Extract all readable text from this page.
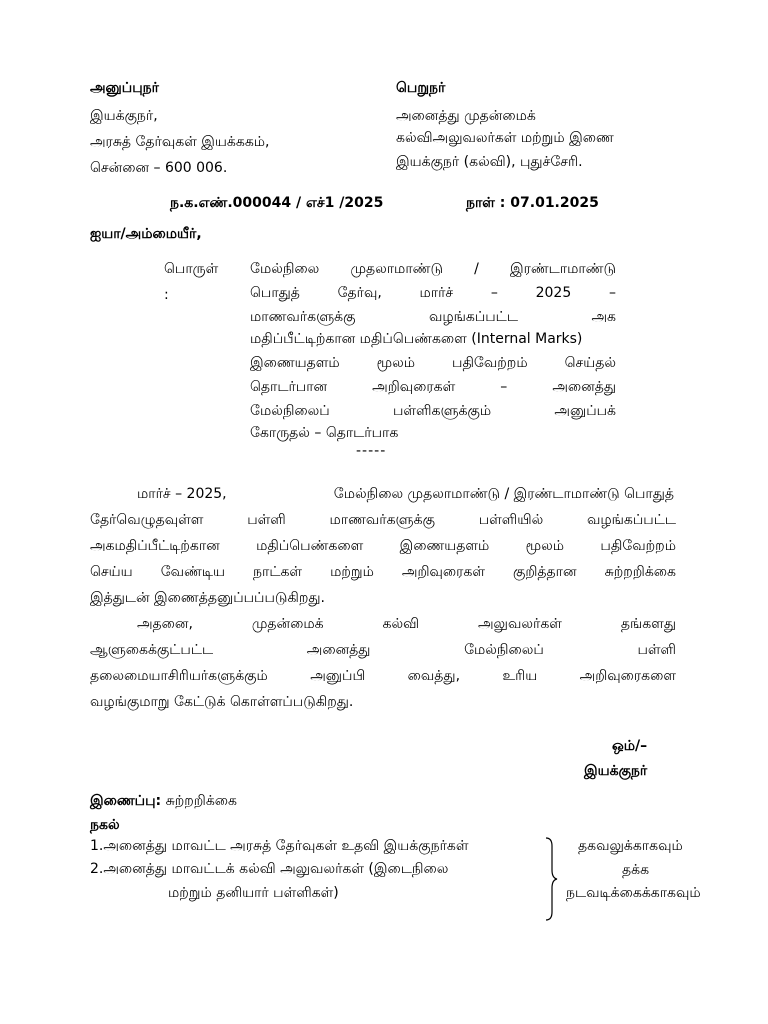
அனுப்புநர்
இயக்குநர்,
அரசுத் தேர்வுகள் இயக்ககம்,
சென்னை – 600 006.
பெறுநர்
அனைத்து முதன்மைக்
கல்விஅலுவலர்கள் மற்றும் இணை
இயக்குநர் (கல்வி), புதுச்சேரி.
ந.க.எண்.000044 / எச்1 /2025	நாள் : 07.01.2025
ஐயா/அம்மையீர்,
பொருள்
:
மேல்நிலை முதலாமாண்டு / இரண்டாமாண்டு
பொதுத்	தேர்வு,	மார்ச்	–	2025	–
மாணவர்களுக்கு	வழங்கப்பட்ட	அக
மதிப்பீட்டிற்கான மதிப்பெண்களை (Internal Marks)
இணையதளம்	மூலம்	பதிவேற்றம்	செய்தல்
தொடர்பான	அறிவுரைகள்	–	அனைத்து
மேல்நிலைப்	பள்ளிகளுக்கும்	அனுப்பக்
கோருதல் – தொடர்பாக
-----
மார்ச் – 2025,	மேல்நிலை முதலாமாண்டு / இரண்டாமாண்டு பொதுத்
தேர்வெழுதவுள்ள	பள்ளி	மாணவர்களுக்கு	பள்ளியில்	வழங்கப்பட்ட
அகமதிப்பீட்டிற்கான	மதிப்பெண்களை	இணையதளம்	மூலம்	பதிவேற்றம்
செய்ய வேண்டிய நாட்கள் மற்றும் அறிவுரைகள் குறித்தான சுற்றறிக்கை
இத்துடன் இணைத்தனுப்பப்படுகிறது.
அதனை,	முதன்மைக்	கல்வி	அலுவலர்கள்	தங்களது
ஆளுகைக்குட்பட்ட	அனைத்து	மேல்நிலைப்	பள்ளி
தலைமையாசிரியர்களுக்கும்	அனுப்பி	வைத்து,	உரிய	அறிவுரைகளை
வழங்குமாறு கேட்டுக் கொள்ளப்படுகிறது.
ஒம்/–
இயக்குநர்
இணைப்பு: சுற்றறிக்கை
நகல்
1.அனைத்து மாவட்ட அரசுத் தேர்வுகள் உதவி இயக்குநர்கள்
2.அனைத்து மாவட்டக் கல்வி அலுவலர்கள் (இடைநிலை
மற்றும் தனியார் பள்ளிகள்)
தகவலுக்காகவும்
தக்க
நடவடிக்கைக்காகவும்
